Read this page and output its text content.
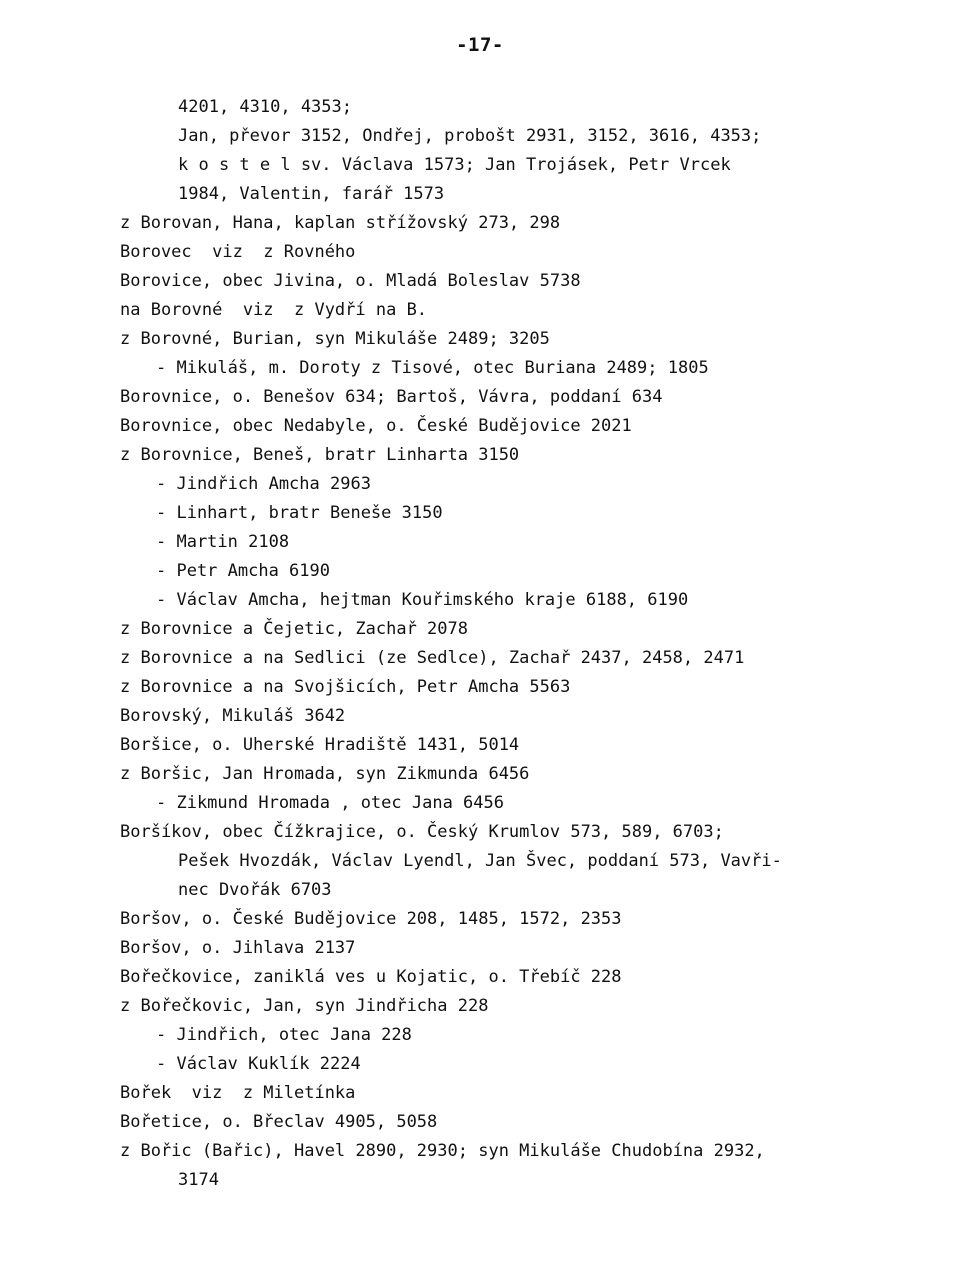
-17-
4201, 4310, 4353;
Jan, převor 3152, Ondřej, probošt 2931, 3152, 3616, 4353;
k o s t e l sv. Václava 1573; Jan Trojásek, Petr Vrcek
1984, Valentin, farář 1573
z Borovan, Hana, kaplan střížovský 273, 298
Borovec  viz  z Rovného
Borovice, obec Jivina, o. Mladá Boleslav 5738
na Borovné  viz  z Vydří na B.
z Borovné, Burian, syn Mikuláše 2489; 3205
- Mikuláš, m. Doroty z Tisové, otec Buriana 2489; 1805
Borovnice, o. Benešov 634; Bartoš, Vávra, poddaní 634
Borovnice, obec Nedabyle, o. České Budějovice 2021
z Borovnice, Beneš, bratr Linharta 3150
- Jindřich Amcha 2963
- Linhart, bratr Beneše 3150
- Martin 2108
- Petr Amcha 6190
- Václav Amcha, hejtman Kouřimského kraje 6188, 6190
z Borovnice a Čejetic, Zachař 2078
z Borovnice a na Sedlici (ze Sedlce), Zachař 2437, 2458, 2471
z Borovnice a na Svojšicích, Petr Amcha 5563
Borovský, Mikuláš 3642
Boršice, o. Uherské Hradiště 1431, 5014
z Boršic, Jan Hromada, syn Zikmunda 6456
- Zikmund Hromada , otec Jana 6456
Boršíkov, obec Čížkrajice, o. Český Krumlov 573, 589, 6703;
Pešek Hvozdák, Václav Lyendl, Jan Švec, poddaní 573, Vavři-
nec Dvořák 6703
Boršov, o. České Budějovice 208, 1485, 1572, 2353
Boršov, o. Jihlava 2137
Bořečkovice, zaniklá ves u Kojatic, o. Třebíč 228
z Bořečkovic, Jan, syn Jindřicha 228
- Jindřich, otec Jana 228
- Václav Kuklík 2224
Bořek  viz  z Miletínka
Bořetice, o. Břeclav 4905, 5058
z Bořic (Bařic), Havel 2890, 2930; syn Mikuláše Chudobína 2932,
3174
